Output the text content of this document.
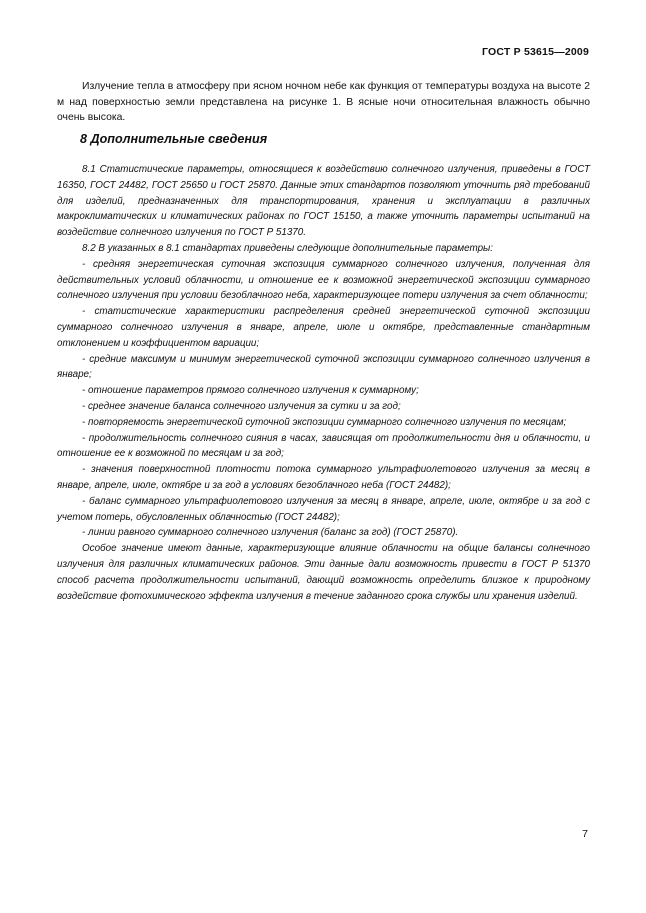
ГОСТ Р 53615—2009
Излучение тепла в атмосферу при ясном ночном небе как функция от температуры воздуха на высоте 2 м над поверхностью земли представлена на рисунке 1. В ясные ночи относительная влажность обычно очень высока.
8 Дополнительные сведения

8.1 Статистические параметры, относящиеся к воздействию солнечного излучения, приведены в ГОСТ 16350, ГОСТ 24482, ГОСТ 25650 и ГОСТ 25870. Данные этих стандартов позволяют уточнить ряд требований для изделий, предназначенных для транспортирования, хранения и эксплуатации в различных макроклиматических и климатических районах по ГОСТ 15150, а также уточнить параметры испытаний на воздействие солнечного излучения по ГОСТ Р 51370.

8.2 В указанных в 8.1 стандартах приведены следующие дополнительные параметры:

- средняя энергетическая суточная экспозиция суммарного солнечного излучения, полученная для действительных условий облачности, и отношение ее к возможной энергетической экспозиции суммарного солнечного излучения при условии безоблачного неба, характеризующее потери излучения за счет облачности;

- статистические характеристики распределения средней энергетической суточной экспозиции суммарного солнечного излучения в январе, апреле, июле и октябре, представленные стандартным отклонением и коэффициентом вариации;

- средние максимум и минимум энергетической суточной экспозиции суммарного солнечного излучения в январе;

- отношение параметров прямого солнечного излучения к суммарному;

- среднее значение баланса солнечного излучения за сутки и за год;

- повторяемость энергетической суточной экспозиции суммарного солнечного излучения по месяцам;

- продолжительность солнечного сияния в часах, зависящая от продолжительности дня и облачности, и отношение ее к возможной по месяцам и за год;

- значения поверхностной плотности потока суммарного ультрафиолетового излучения за месяц в январе, апреле, июле, октябре и за год в условиях безоблачного неба (ГОСТ 24482);

- баланс суммарного ультрафиолетового излучения за месяц в январе, апреле, июле, октябре и за год с учетом потерь, обусловленных облачностью (ГОСТ 24482);

- линии равного суммарного солнечного излучения (баланс за год) (ГОСТ 25870).

Особое значение имеют данные, характеризующие влияние облачности на общие балансы солнечного излучения для различных климатических районов. Эти данные дали возможность привести в ГОСТ Р 51370 способ расчета продолжительности испытаний, дающий возможность определить близкое к природному воздействие фотохимического эффекта излучения в течение заданного срока службы или хранения изделий.

7
